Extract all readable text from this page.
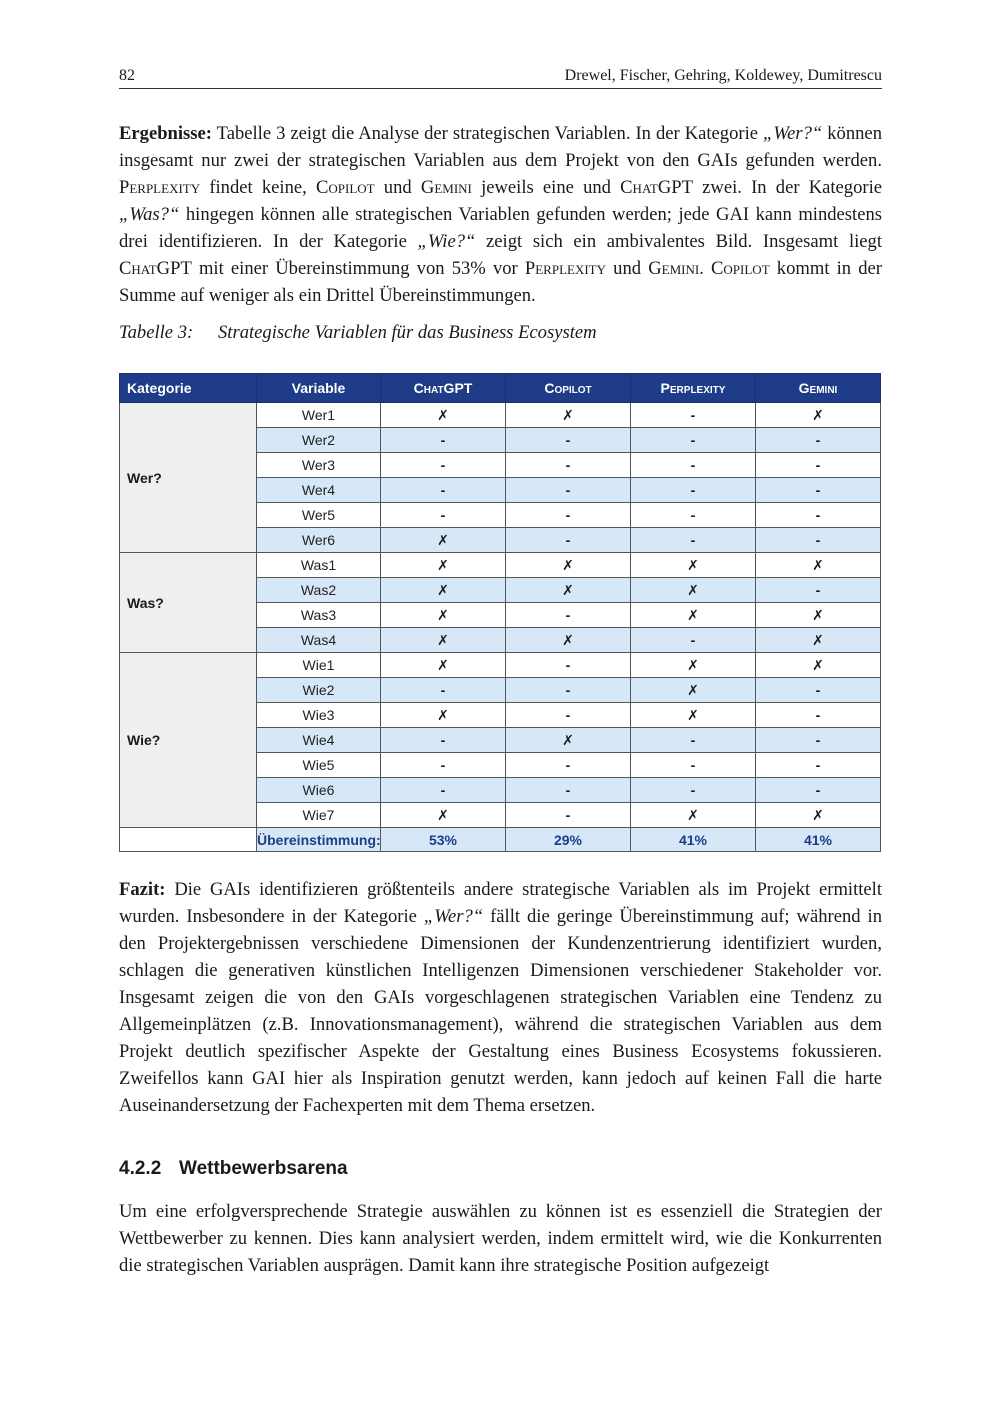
82	Drewel, Fischer, Gehring, Koldewey, Dumitrescu

Ergebnisse: Tabelle 3 zeigt die Analyse der strategischen Variablen. In der Kategorie „Wer?“ können insgesamt nur zwei der strategischen Variablen aus dem Projekt von den GAIs gefunden werden. Perplexity findet keine, Copilot und Gemini jeweils eine und ChatGPT zwei. In der Kategorie „Was?“ hingegen können alle strategischen Variablen gefunden werden; jede GAI kann mindestens drei identifizieren. In der Kategorie „Wie?“ zeigt sich ein ambivalentes Bild. Insgesamt liegt ChatGPT mit einer Übereinstimmung von 53% vor Perplexity und Gemini. Copilot kommt in der Summe auf weniger als ein Drittel Übereinstimmungen.

Tabelle 3: Strategische Variablen für das Business Ecosystem
Kategorie	Variable	ChatGPT	Copilot	Perplexity	Gemini
Wer?	Wer1	✗	✗	-	✗
	Wer2	-	-	-	-
	Wer3	-	-	-	-
	Wer4	-	-	-	-
	Wer5	-	-	-	-
	Wer6	✗	-	-	-
Was?	Was1	✗	✗	✗	✗
	Was2	✗	✗	✗	-
	Was3	✗	-	✗	✗
	Was4	✗	✗	-	✗
Wie?	Wie1	✗	-	✗	✗
	Wie2	-	-	✗	-
	Wie3	✗	-	✗	-
	Wie4	-	✗	-	-
	Wie5	-	-	-	-
	Wie6	-	-	-	-
	Wie7	✗	-	✗	✗
	Übereinstimmung:	53%	29%	41%	41%

Fazit: Die GAIs identifizieren größtenteils andere strategische Variablen als im Projekt ermittelt wurden. Insbesondere in der Kategorie „Wer?“ fällt die geringe Übereinstimmung auf; während in den Projektergebnissen verschiedene Dimensionen der Kundenzentrierung identifiziert wurden, schlagen die generativen künstlichen Intelligenzen Dimensionen verschiedener Stakeholder vor. Insgesamt zeigen die von den GAIs vorgeschlagenen strategischen Variablen eine Tendenz zu Allgemeinplätzen (z.B. Innovationsmanagement), während die strategischen Variablen aus dem Projekt deutlich spezifischer Aspekte der Gestaltung eines Business Ecosystems fokussieren. Zweifellos kann GAI hier als Inspiration genutzt werden, kann jedoch auf keinen Fall die harte Auseinandersetzung der Fachexperten mit dem Thema ersetzen.

4.2.2 Wettbewerbsarena

Um eine erfolgversprechende Strategie auswählen zu können ist es essenziell die Strategien der Wettbewerber zu kennen. Dies kann analysiert werden, indem ermittelt wird, wie die Konkurrenten die strategischen Variablen ausprägen. Damit kann ihre strategische Position aufgezeigt
